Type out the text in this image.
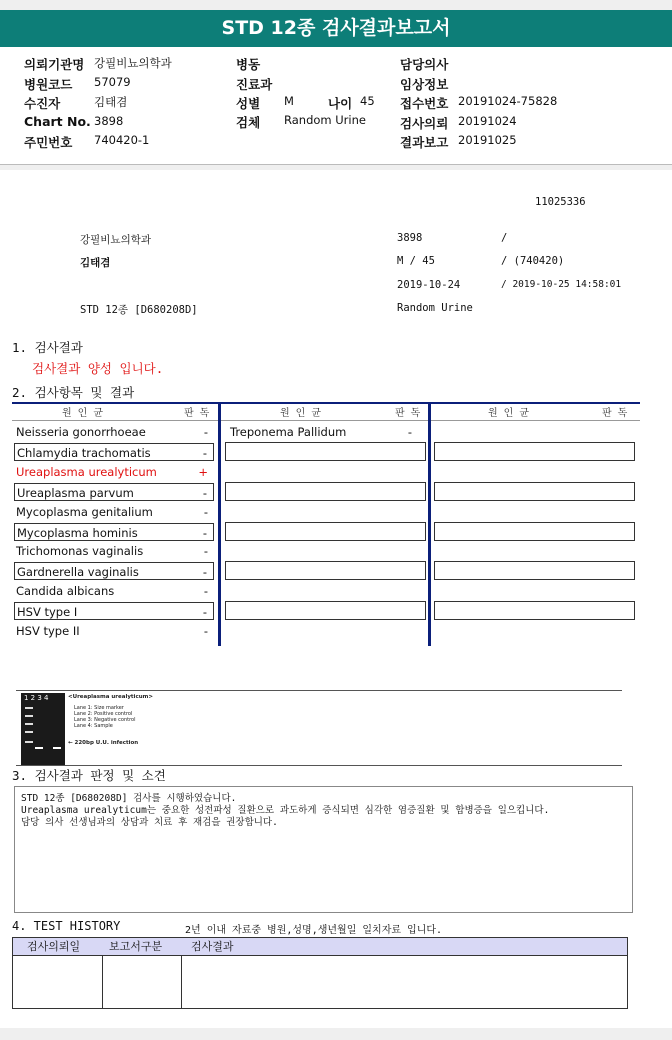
STD 12종 검사결과보고서
의뢰기관명 강필비뇨의학과
병원코드 57079
수진자	김태겸
Chart No. 3898
주민번호 740420-1
병동
진료과
성별 M	나이 45
검체 Random Urine
담당의사
임상정보
접수번호 20191024-75828
검사의뢰 20191024
결과보고 20191025
11025336
강필비뇨의학과	3898	/
김태겸	M / 45	/ (740420)
2019-10-24	/ 2019-10-25 14:58:01
STD 12종 [D680208D]	Random Urine
1. 검사결과
검사결과 양성 입니다.
2. 검사항목 및 결과
원 인 균	판 독	원 인 균	판 독	원 인 균	판 독
Neisseria gonorrhoeae	-
Chlamydia trachomatis	-
Ureaplasma urealyticum	+
Ureaplasma parvum	-
Mycoplasma genitalium	-
Mycoplasma hominis	-
Trichomonas vaginalis	-
Gardnerella vaginalis	-
Candida albicans	-
HSV type I	-
HSV type II	-
Treponema Pallidum	-
1 2 3 4	<Ureaplasma urealyticum>
Lane 1: Size marker
Lane 2: Positive control
Lane 3: Negative control
Lane 4: Sample
← 220bp U.U. infection
3. 검사결과 판정 및 소견
STD 12종 [D680208D] 검사를 시행하였습니다.
Ureaplasma urealyticum는 중요한 성전파성 질환으로 과도하게 증식되면 심각한 염증질환 및 합병증을 일으킵니다.
담당 의사 선생님과의 상담과 치료 후 재검을 권장합니다.
4. TEST HISTORY	2년 이내 자료중 병원,성명,생년월일 일치자료 입니다.
검사의뢰일	보고서구분	검사결과
